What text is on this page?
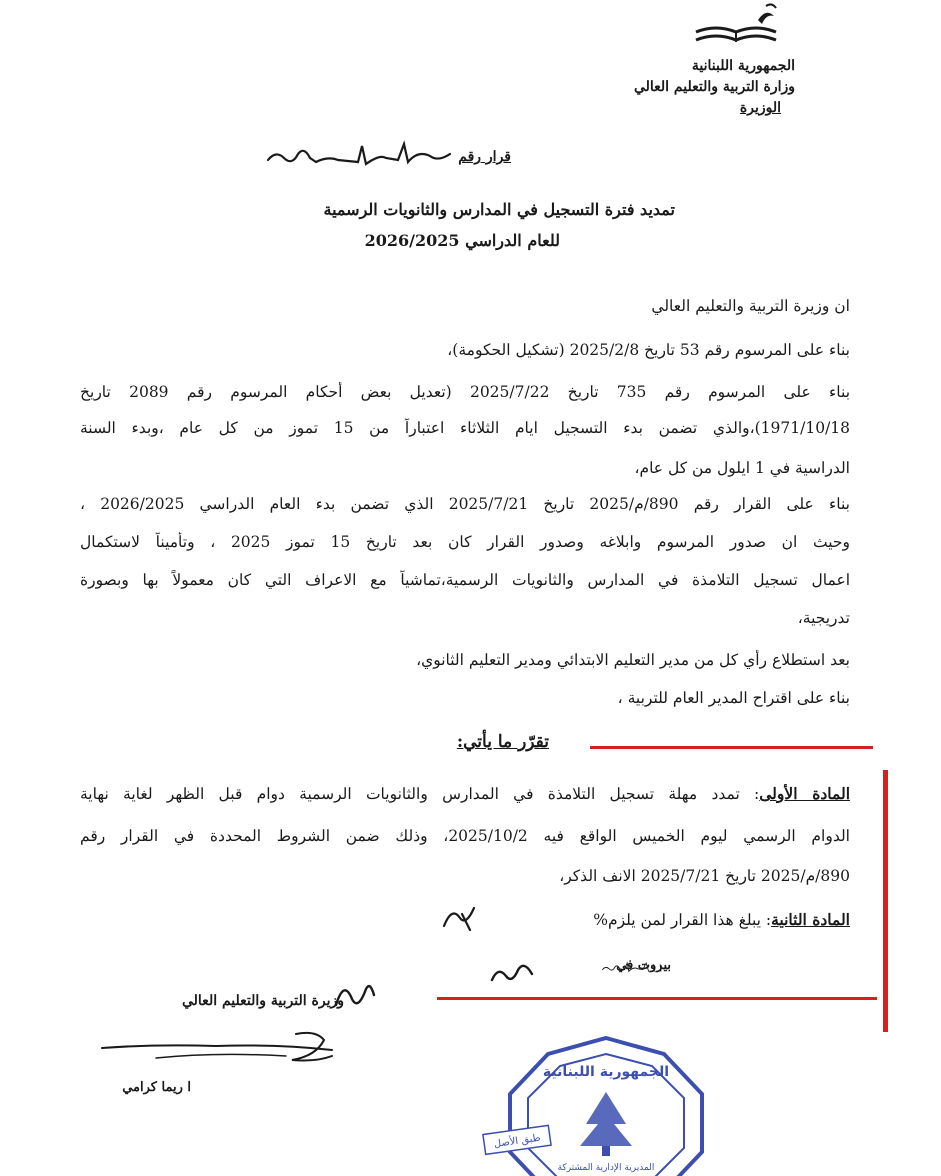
الجمهورية اللبنانية
وزارة التربية والتعليم العالي
الوزيرة
قرار رقم
١١٢٩/م/٢٠٢٥
تمديد فترة التسجيل في المدارس والثانويات الرسمية
للعام الدراسي 2026/2025
ان وزيرة التربية والتعليم العالي
بناء على المرسوم رقم 53 تاريخ 2025/2/8 (تشكيل الحكومة)،
بناء على المرسوم رقم 735 تاريخ 2025/7/22 (تعديل بعض أحكام المرسوم رقم 2089 تاريخ
1971/10/18)،والذي تضمن بدء التسجيل ايام الثلاثاء اعتباراً من 15 تموز من كل عام ،وبدء السنة
الدراسية في 1 ايلول من كل عام،
بناء على القرار رقم 890/م/2025 تاريخ 2025/7/21 الذي تضمن بدء العام الدراسي 2026/2025 ،
وحيث ان صدور المرسوم وابلاغه وصدور القرار كان بعد تاريخ 15 تموز 2025 ، وتأميناً لاستكمال
اعمال تسجيل التلامذة في المدارس والثانويات الرسمية،تماشياً مع الاعراف التي كان معمولاً بها وبصورة
تدريجية،
بعد استطلاع رأي كل من مدير التعليم الابتدائي ومدير التعليم الثانوي،
بناء على اقتراح المدير العام للتربية ،
تقرّر ما يأتي:
المادة الأولى: تمدد مهلة تسجيل التلامذة في المدارس والثانويات الرسمية دوام قبل الظهر لغاية نهاية
الدوام الرسمي ليوم الخميس الواقع فيه 2025/10/2، وذلك ضمن الشروط المحددة في القرار رقم
890/م/2025 تاريخ 2025/7/21 الانف الذكر،
المادة الثانية: يبلغ هذا القرار لمن يلزم%
بيروت في
وزيرة التربية والتعليم العالي
ا ريما كرامي
الجمهورية اللبنانية
المديرية الإدارية المشتركة
طبق الأصل
